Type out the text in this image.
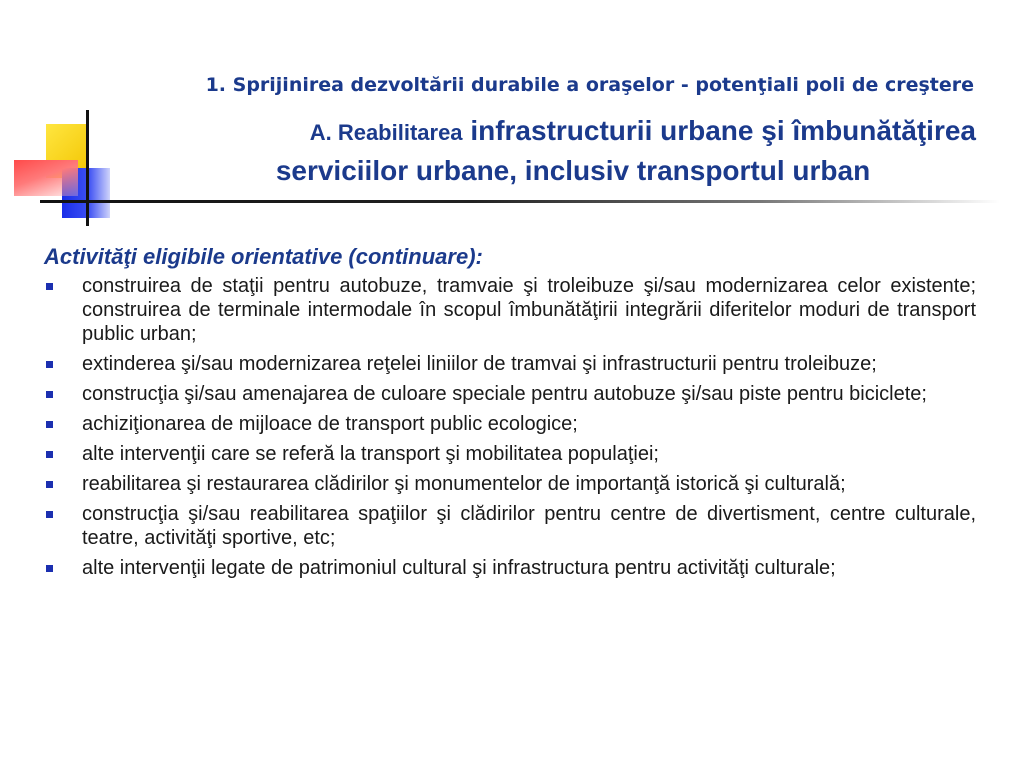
1. Sprijinirea dezvoltării durabile a oraşelor - potenţiali poli de creştere
A. Reabilitarea infrastructurii urbane şi îmbunătăţirea
serviciilor urbane, inclusiv transportul urban
Activităţi eligibile orientative (continuare):
construirea de staţii pentru autobuze, tramvaie şi troleibuze şi/sau modernizarea celor existente; construirea de terminale intermodale în scopul îmbunătăţirii integrării diferitelor moduri de transport public urban;
extinderea şi/sau modernizarea reţelei liniilor de tramvai şi infrastructurii pentru troleibuze;
construcţia şi/sau amenajarea de culoare speciale pentru autobuze şi/sau piste pentru biciclete;
achiziţionarea de mijloace de transport public ecologice;
alte intervenţii care se referă la transport şi mobilitatea populaţiei;
reabilitarea şi restaurarea clădirilor şi monumentelor de importanţă istorică şi culturală;
construcţia şi/sau reabilitarea spaţiilor şi clădirilor pentru centre de divertisment, centre culturale, teatre, activităţi sportive, etc;
alte intervenţii legate de patrimoniul cultural şi infrastructura pentru activităţi culturale;
